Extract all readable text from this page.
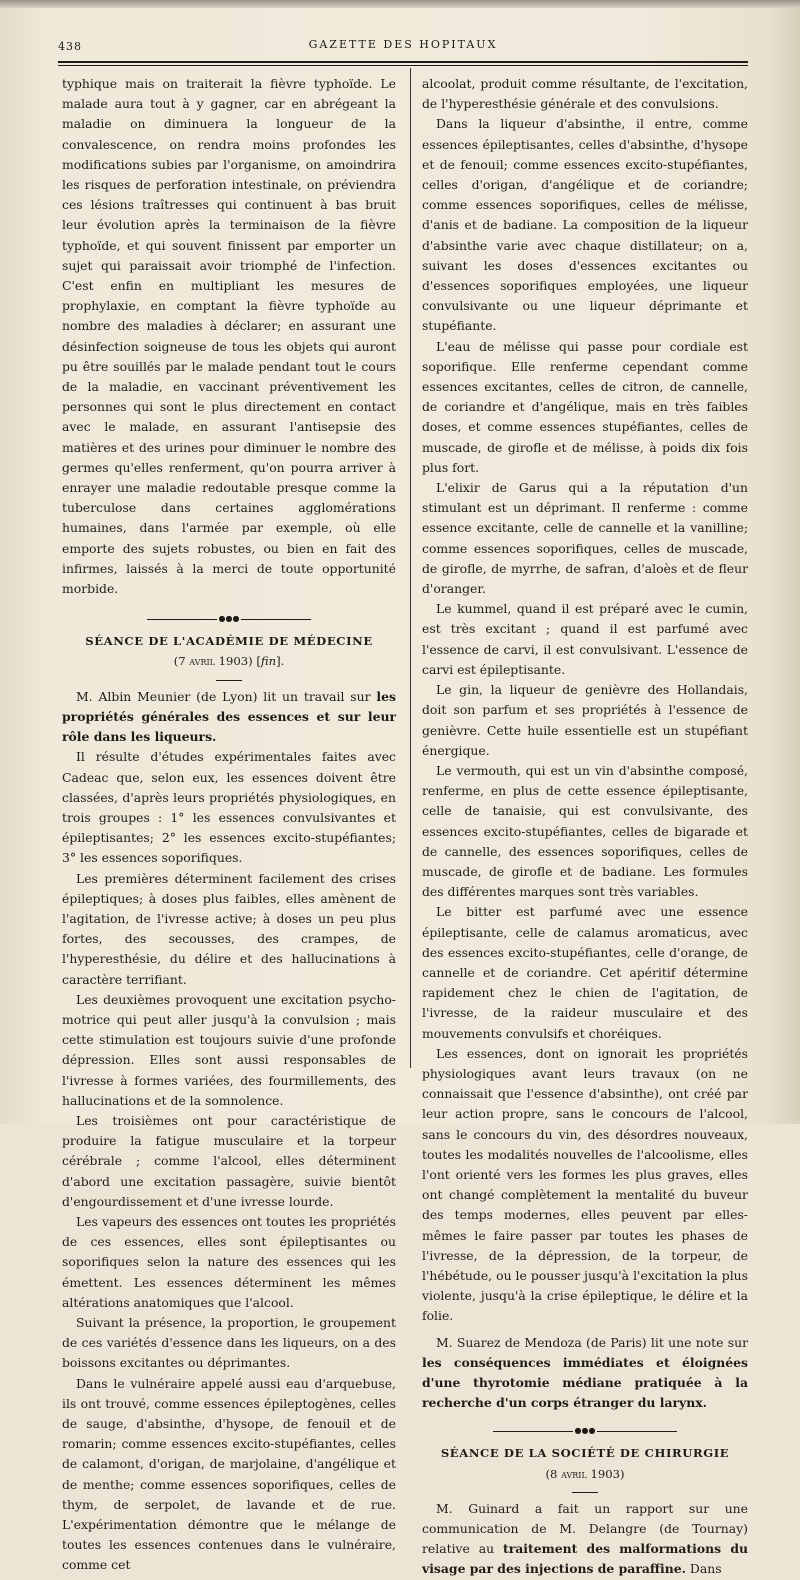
438	GAZETTE DES HOPITAUX

typhique mais on traiterait la fièvre typhoïde. Le malade aura tout à y gagner, car en abrégeant la maladie on diminuera la longueur de la convalescence, on rendra moins profondes les modifications subies par l'organisme, on amoindrira les risques de perforation intestinale, on préviendra ces lésions traîtresses qui continuent à bas bruit leur évolution après la terminaison de la fièvre typhoïde, et qui souvent finissent par emporter un sujet qui paraissait avoir triomphé de l'infection. C'est enfin en multipliant les mesures de prophylaxie, en comptant la fièvre typhoïde au nombre des maladies à déclarer; en assurant une désinfection soigneuse de tous les objets qui auront pu être souillés par le malade pendant tout le cours de la maladie, en vaccinant préventivement les personnes qui sont le plus directement en contact avec le malade, en assurant l'antisepsie des matières et des urines pour diminuer le nombre des germes qu'elles renferment, qu'on pourra arriver à enrayer une maladie redoutable presque comme la tuberculose dans certaines agglomérations humaines, dans l'armée par exemple, où elle emporte des sujets robustes, ou bien en fait des infirmes, laissés à la merci de toute opportunité morbide.

●●●
SÉANCE DE L'ACADÉMIE DE MÉDECINE
(7 avril 1903) [fin].

M. Albin Meunier (de Lyon) lit un travail sur les propriétés générales des essences et sur leur rôle dans les liqueurs.

Il résulte d'études expérimentales faites avec Cadeac que, selon eux, les essences doivent être classées, d'après leurs propriétés physiologiques, en trois groupes : 1° les essences convulsivantes et épileptisantes; 2° les essences excito-stupéfiantes; 3° les essences soporifiques.

Les premières déterminent facilement des crises épileptiques; à doses plus faibles, elles amènent de l'agitation, de l'ivresse active; à doses un peu plus fortes, des secousses, des crampes, de l'hyperesthésie, du délire et des hallucinations à caractère terrifiant.

Les deuxièmes provoquent une excitation psycho-motrice qui peut aller jusqu'à la convulsion ; mais cette stimulation est toujours suivie d'une profonde dépression. Elles sont aussi responsables de l'ivresse à formes variées, des fourmillements, des hallucinations et de la somnolence.

Les troisièmes ont pour caractéristique de produire la fatigue musculaire et la torpeur cérébrale ; comme l'alcool, elles déterminent d'abord une excitation passagère, suivie bientôt d'engourdissement et d'une ivresse lourde.

Les vapeurs des essences ont toutes les propriétés de ces essences, elles sont épileptisantes ou soporifiques selon la nature des essences qui les émettent. Les essences déterminent les mêmes altérations anatomiques que l'alcool.

Suivant la présence, la proportion, le groupement de ces variétés d'essence dans les liqueurs, on a des boissons excitantes ou déprimantes.

Dans le vulnéraire appelé aussi eau d'arquebuse, ils ont trouvé, comme essences épileptogènes, celles de sauge, d'absinthe, d'hysope, de fenouil et de romarin; comme essences excito-stupéfiantes, celles de calamont, d'origan, de marjolaine, d'angélique et de menthe; comme essences soporifiques, celles de thym, de serpolet, de lavande et de rue. L'expérimentation démontre que le mélange de toutes les essences contenues dans le vulnéraire, comme cet

alcoolat, produit comme résultante, de l'excitation, de l'hyperesthésie générale et des convulsions.

Dans la liqueur d'absinthe, il entre, comme essences épileptisantes, celles d'absinthe, d'hysope et de fenouil; comme essences excito-stupéfiantes, celles d'origan, d'angélique et de coriandre; comme essences soporifiques, celles de mélisse, d'anis et de badiane. La composition de la liqueur d'absinthe varie avec chaque distillateur; on a, suivant les doses d'essences excitantes ou d'essences soporifiques employées, une liqueur convulsivante ou une liqueur déprimante et stupéfiante.

L'eau de mélisse qui passe pour cordiale est soporifique. Elle renferme cependant comme essences excitantes, celles de citron, de cannelle, de coriandre et d'angélique, mais en très faibles doses, et comme essences stupéfiantes, celles de muscade, de girofle et de mélisse, à poids dix fois plus fort.

L'elixir de Garus qui a la réputation d'un stimulant est un déprimant. Il renferme : comme essence excitante, celle de cannelle et la vanilline; comme essences soporifiques, celles de muscade, de girofle, de myrrhe, de safran, d'aloès et de fleur d'oranger.

Le kummel, quand il est préparé avec le cumin, est très excitant ; quand il est parfumé avec l'essence de carvi, il est convulsivant. L'essence de carvi est épileptisante.

Le gin, la liqueur de genièvre des Hollandais, doit son parfum et ses propriétés à l'essence de genièvre. Cette huile essentielle est un stupéfiant énergique.

Le vermouth, qui est un vin d'absinthe composé, renferme, en plus de cette essence épileptisante, celle de tanaisie, qui est convulsivante, des essences excito-stupéfiantes, celles de bigarade et de cannelle, des essences soporifiques, celles de muscade, de girofle et de badiane. Les formules des différentes marques sont très variables.

Le bitter est parfumé avec une essence épileptisante, celle de calamus aromaticus, avec des essences excito-stupéfiantes, celle d'orange, de cannelle et de coriandre. Cet apéritif détermine rapidement chez le chien de l'agitation, de l'ivresse, de la raideur musculaire et des mouvements convulsifs et choréiques.

Les essences, dont on ignorait les propriétés physiologiques avant leurs travaux (on ne connaissait que l'essence d'absinthe), ont créé par leur action propre, sans le concours de l'alcool, sans le concours du vin, des désordres nouveaux, toutes les modalités nouvelles de l'alcoolisme, elles l'ont orienté vers les formes les plus graves, elles ont changé complètement la mentalité du buveur des temps modernes, elles peuvent par elles-mêmes le faire passer par toutes les phases de l'ivresse, de la dépression, de la torpeur, de l'hébétude, ou le pousser jusqu'à l'excitation la plus violente, jusqu'à la crise épileptique, le délire et la folie.

M. Suarez de Mendoza (de Paris) lit une note sur les conséquences immédiates et éloignées d'une thyrotomie médiane pratiquée à la recherche d'un corps étranger du larynx.

●●●
SÉANCE DE LA SOCIÉTÉ DE CHIRURGIE
(8 avril 1903)

M. Guinard a fait un rapport sur une communication de M. Delangre (de Tournay) relative au traitement des malformations du visage par des injections de paraffine. Dans
